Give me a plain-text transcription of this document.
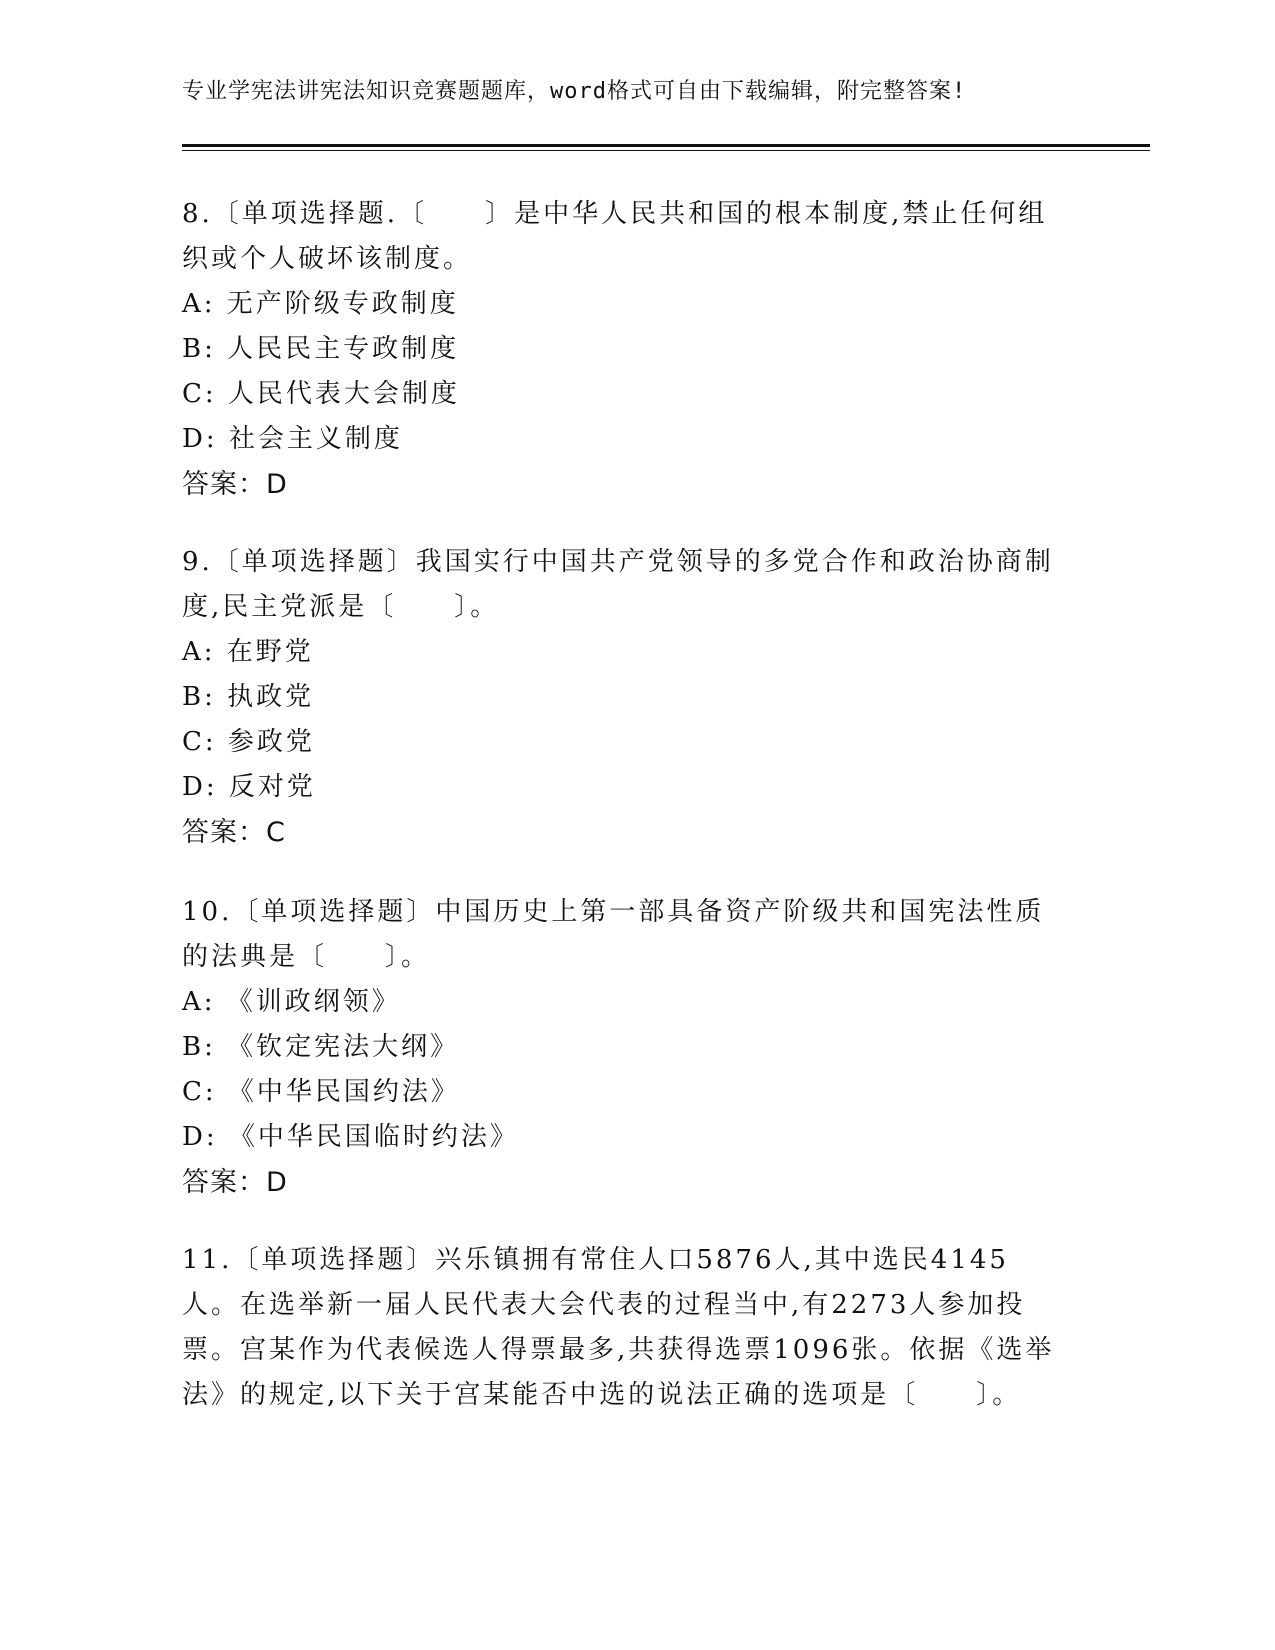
专业学宪法讲宪法知识竞赛题题库，word格式可自由下载编辑，附完整答案!
8.〔单项选择题.〔　　〕是中华人民共和国的根本制度,禁止任何组织或个人破坏该制度。
A: 无产阶级专政制度
B: 人民民主专政制度
C: 人民代表大会制度
D: 社会主义制度
答案：D
9.〔单项选择题〕我国实行中国共产党领导的多党合作和政治协商制度,民主党派是〔　　〕。
A: 在野党
B: 执政党
C: 参政党
D: 反对党
答案：C
10.〔单项选择题〕中国历史上第一部具备资产阶级共和国宪法性质的法典是〔　　〕。
A: 《训政纲领》
B: 《钦定宪法大纲》
C: 《中华民国约法》
D: 《中华民国临时约法》
答案：D
11.〔单项选择题〕兴乐镇拥有常住人口5876人,其中选民4145人。在选举新一届人民代表大会代表的过程当中,有2273人参加投票。宫某作为代表候选人得票最多,共获得选票1096张。依据《选举法》的规定,以下关于宫某能否中选的说法正确的选项是〔　　〕。
